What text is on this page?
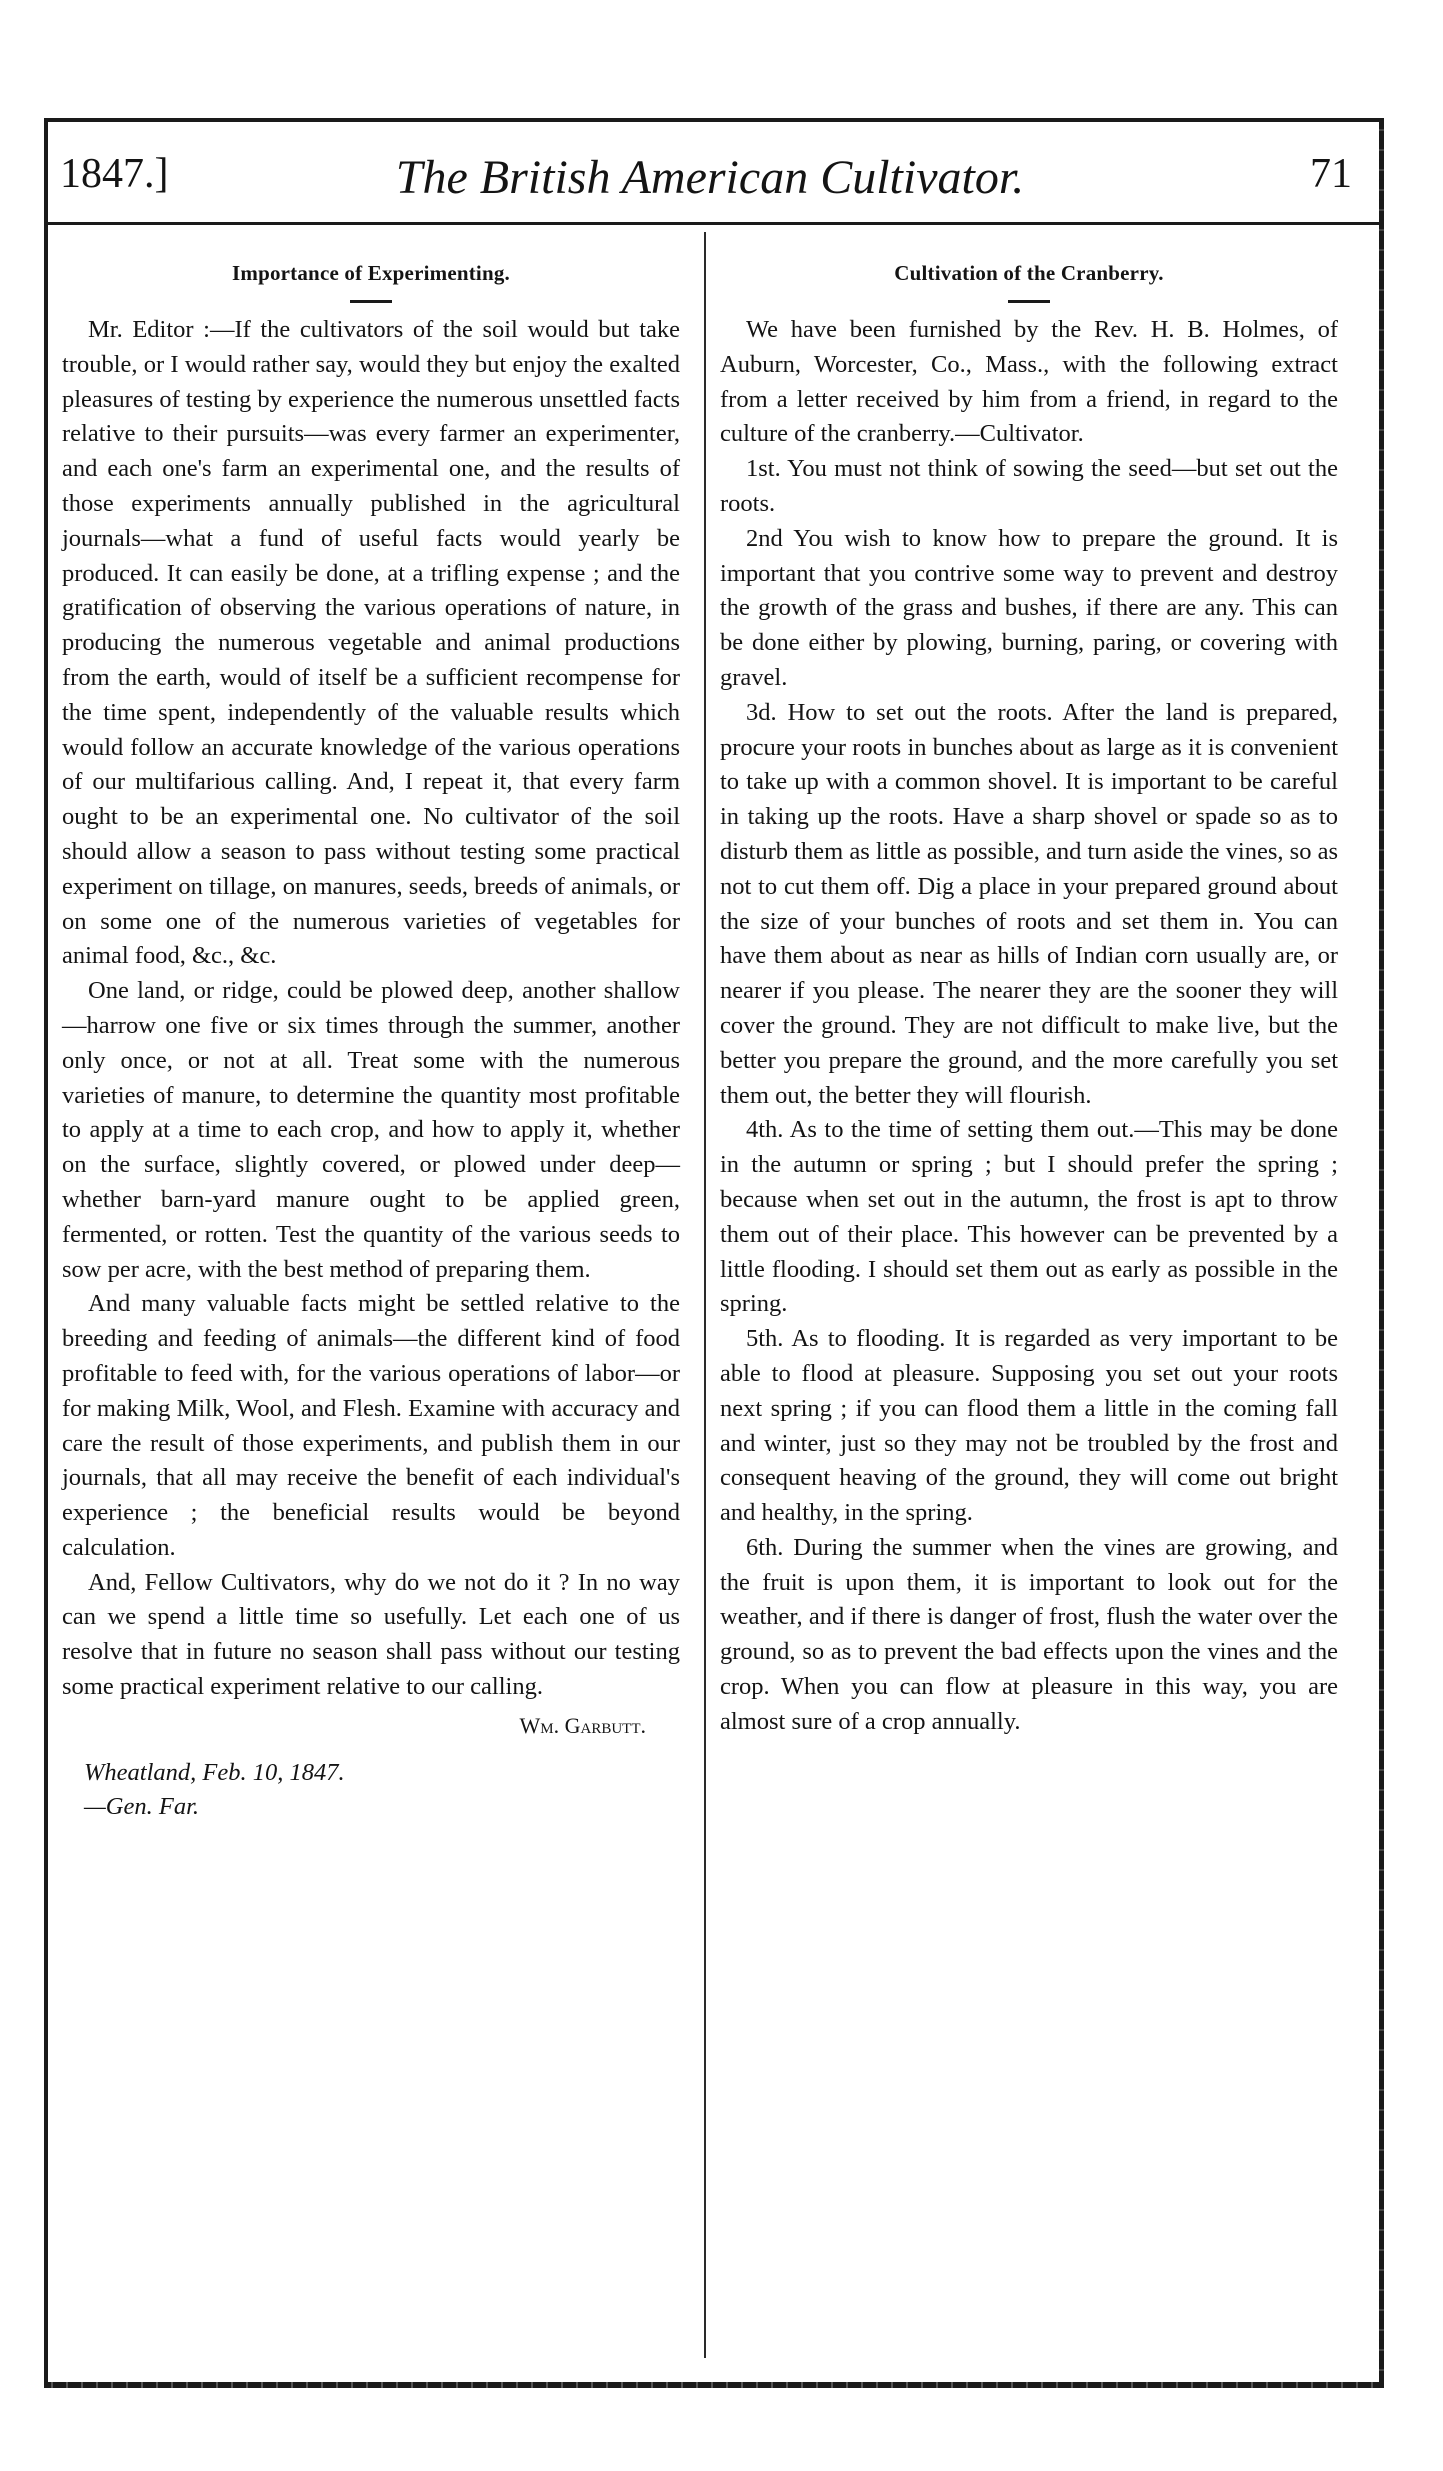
The British American Cultivator.
1847.]	71
Importance of Experimenting.

Mr. Editor :—If the cultivators of the soil would but take trouble, or I would rather say, would they but enjoy the exalted pleasures of testing by experience the numerous unsettled facts relative to their pursuits—was every farmer an experimenter, and each one's farm an experimental one, and the results of those experiments annually published in the agricultural journals—what a fund of useful facts would yearly be produced. It can easily be done, at a trifling expense ; and the gratification of observing the various operations of nature, in producing the numerous vegetable and animal productions from the earth, would of itself be a sufficient recompense for the time spent, independently of the valuable results which would follow an accurate knowledge of the various operations of our multifarious calling. And, I repeat it, that every farm ought to be an experimental one. No cultivator of the soil should allow a season to pass without testing some practical experiment on tillage, on manures, seeds, breeds of animals, or on some one of the numerous varieties of vegetables for animal food, &c., &c.

One land, or ridge, could be plowed deep, another shallow—harrow one five or six times through the summer, another only once, or not at all. Treat some with the numerous varieties of manure, to determine the quantity most profitable to apply at a time to each crop, and how to apply it, whether on the surface, slightly covered, or plowed under deep—whether barn-yard manure ought to be applied green, fermented, or rotten. Test the quantity of the various seeds to sow per acre, with the best method of preparing them.

And many valuable facts might be settled relative to the breeding and feeding of animals—the different kind of food profitable to feed with, for the various operations of labor—or for making Milk, Wool, and Flesh. Examine with accuracy and care the result of those experiments, and publish them in our journals, that all may receive the benefit of each individual's experience ; the beneficial results would be beyond calculation.

And, Fellow Cultivators, why do we not do it ? In no way can we spend a little time so usefully. Let each one of us resolve that in future no season shall pass without our testing some practical experiment relative to our calling.

Wm. Garbutt.

Wheatland, Feb. 10, 1847.

—Gen. Far.

Cultivation of the Cranberry.

We have been furnished by the Rev. H. B. Holmes, of Auburn, Worcester, Co., Mass., with the following extract from a letter received by him from a friend, in regard to the culture of the cranberry.—Cultivator.

1st. You must not think of sowing the seed—but set out the roots.

2nd You wish to know how to prepare the ground. It is important that you contrive some way to prevent and destroy the growth of the grass and bushes, if there are any. This can be done either by plowing, burning, paring, or covering with gravel.

3d. How to set out the roots. After the land is prepared, procure your roots in bunches about as large as it is convenient to take up with a common shovel. It is important to be careful in taking up the roots. Have a sharp shovel or spade so as to disturb them as little as possible, and turn aside the vines, so as not to cut them off. Dig a place in your prepared ground about the size of your bunches of roots and set them in. You can have them about as near as hills of Indian corn usually are, or nearer if you please. The nearer they are the sooner they will cover the ground. They are not difficult to make live, but the better you prepare the ground, and the more carefully you set them out, the better they will flourish.

4th. As to the time of setting them out.—This may be done in the autumn or spring ; but I should prefer the spring ; because when set out in the autumn, the frost is apt to throw them out of their place. This however can be prevented by a little flooding. I should set them out as early as possible in the spring.

5th. As to flooding. It is regarded as very important to be able to flood at pleasure. Supposing you set out your roots next spring ; if you can flood them a little in the coming fall and winter, just so they may not be troubled by the frost and consequent heaving of the ground, they will come out bright and healthy, in the spring.

6th. During the summer when the vines are growing, and the fruit is upon them, it is important to look out for the weather, and if there is danger of frost, flush the water over the ground, so as to prevent the bad effects upon the vines and the crop. When you can flow at pleasure in this way, you are almost sure of a crop annually.
